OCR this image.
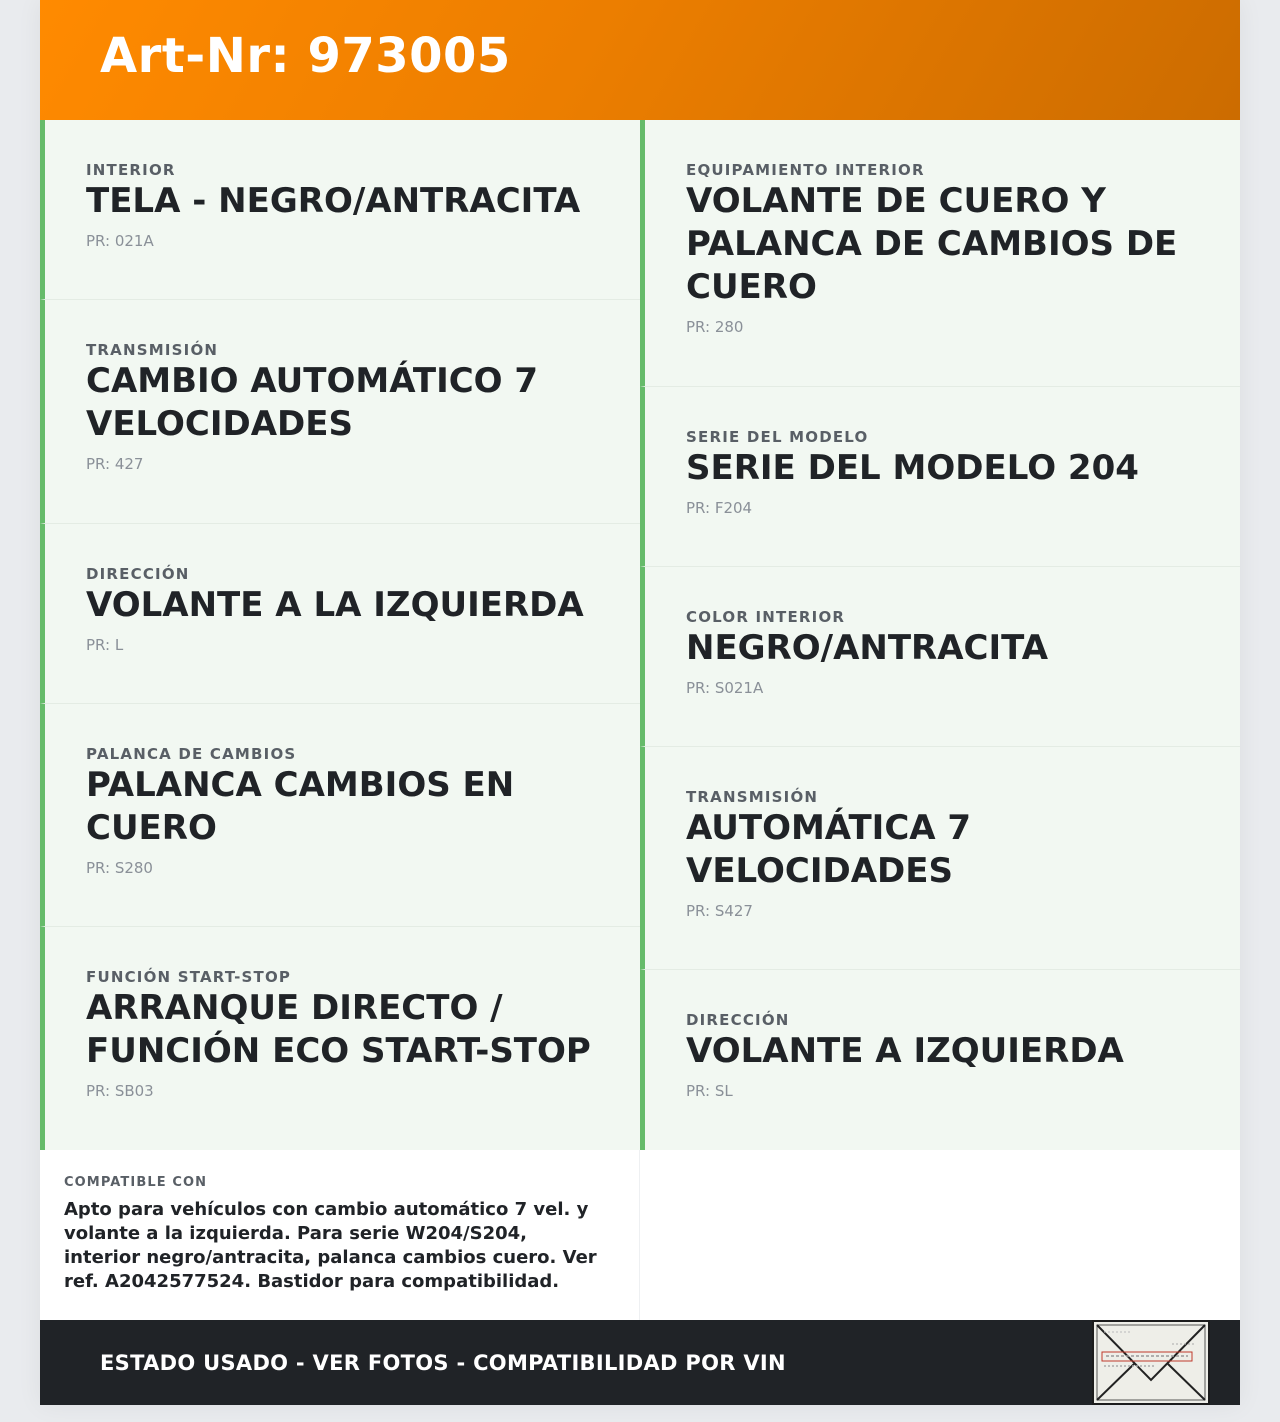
Art-Nr: 973005
INTERIOR
TELA - NEGRO/ANTRACITA
PR: 021A
TRANSMISIÓN
CAMBIO AUTOMÁTICO 7 VELOCIDADES
PR: 427
DIRECCIÓN
VOLANTE A LA IZQUIERDA
PR: L
PALANCA DE CAMBIOS
PALANCA CAMBIOS EN CUERO
PR: S280
FUNCIÓN START-STOP
ARRANQUE DIRECTO / FUNCIÓN ECO START-STOP
PR: SB03
EQUIPAMIENTO INTERIOR
VOLANTE DE CUERO Y PALANCA DE CAMBIOS DE CUERO
PR: 280
SERIE DEL MODELO
SERIE DEL MODELO 204
PR: F204
COLOR INTERIOR
NEGRO/ANTRACITA
PR: S021A
TRANSMISIÓN
AUTOMÁTICA 7 VELOCIDADES
PR: S427
DIRECCIÓN
VOLANTE A IZQUIERDA
PR: SL
COMPATIBLE CON
Apto para vehículos con cambio automático 7 vel. y volante a la izquierda. Para serie W204/S204, interior negro/antracita, palanca cambios cuero. Ver ref. A2042577524. Bastidor para compatibilidad.
ESTADO USADO - VER FOTOS - COMPATIBILIDAD POR VIN
